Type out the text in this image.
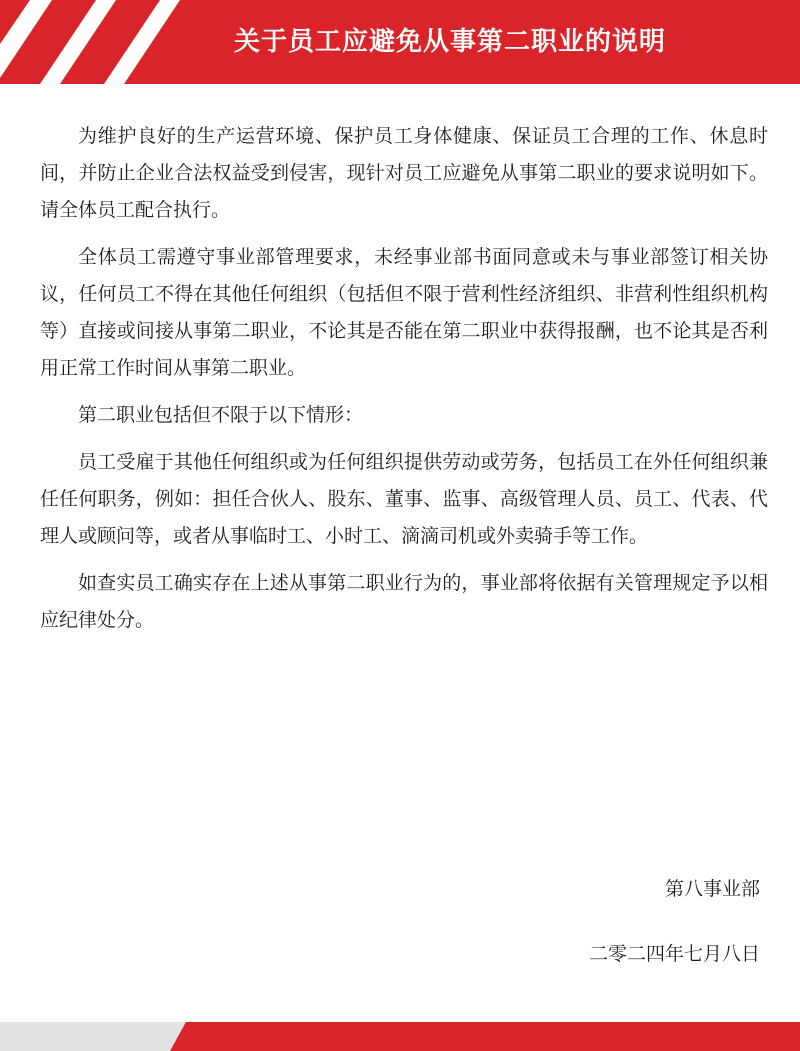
关于员工应避免从事第二职业的说明

为维护良好的生产运营环境、保护员工身体健康、保证员工合理的工作、休息时间，并防止企业合法权益受到侵害，现针对员工应避免从事第二职业的要求说明如下。请全体员工配合执行。

全体员工需遵守事业部管理要求，未经事业部书面同意或未与事业部签订相关协议，任何员工不得在其他任何组织（包括但不限于营利性经济组织、非营利性组织机构等）直接或间接从事第二职业，不论其是否能在第二职业中获得报酬，也不论其是否利用正常工作时间从事第二职业。

第二职业包括但不限于以下情形：

员工受雇于其他任何组织或为任何组织提供劳动或劳务，包括员工在外任何组织兼任任何职务，例如：担任合伙人、股东、董事、监事、高级管理人员、员工、代表、代理人或顾问等，或者从事临时工、小时工、滴滴司机或外卖骑手等工作。

如查实员工确实存在上述从事第二职业行为的，事业部将依据有关管理规定予以相应纪律处分。

第八事业部
二零二四年七月八日
